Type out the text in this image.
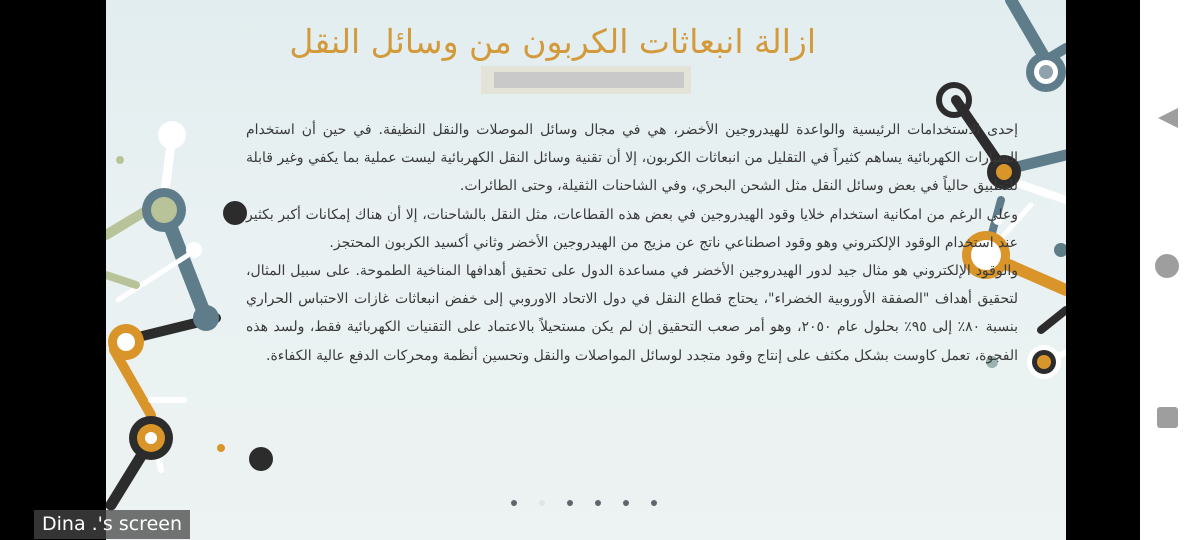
ازالة انبعاثات الكربون من وسائل النقل

إحدى الاستخدامات الرئيسية والواعدة للهيدروجين الأخضر، هي في مجال وسائل الموصلات والنقل النظيفة. في حين أن استخدام السيارات الكهربائية يساهم كثيراً في التقليل من انبعاثات الكربون، إلا أن تقنية وسائل النقل الكهربائية ليست عملية بما يكفي وغير قابلة للتطبيق حالياً في بعض وسائل النقل مثل الشحن البحري، وفي الشاحنات الثقيلة، وحتى الطائرات.

وعلى الرغم من امكانية استخدام خلايا وقود الهيدروجين في بعض هذه القطاعات، مثل النقل بالشاحنات، إلا أن هناك إمكانات أكبر بكثير عند استخدام الوقود الإلكتروني وهو وقود اصطناعي ناتج عن مزيج من الهيدروجين الأخضر وثاني أكسيد الكربون المحتجز.

والوقود الإلكتروني هو مثال جيد لدور الهيدروجين الأخضر في مساعدة الدول على تحقيق أهدافها المناخية الطموحة. على سبيل المثال، لتحقيق أهداف "الصفقة الأوروبية الخضراء"، يحتاج قطاع النقل في دول الاتحاد الاوروبي إلى خفض انبعاثات غازات الاحتباس الحراري بنسبة ٨٠٪ إلى ٩٥٪ بحلول عام ٢٠٥٠، وهو أمر صعب التحقيق إن لم يكن مستحيلاً بالاعتماد على التقنيات الكهربائية فقط، ولسد هذه الفجوة، تعمل كاوست بشكل مكثف على إنتاج وقود متجدد لوسائل المواصلات والنقل وتحسين أنظمة ومحركات الدفع عالية الكفاءة.

Dina .'s screen
